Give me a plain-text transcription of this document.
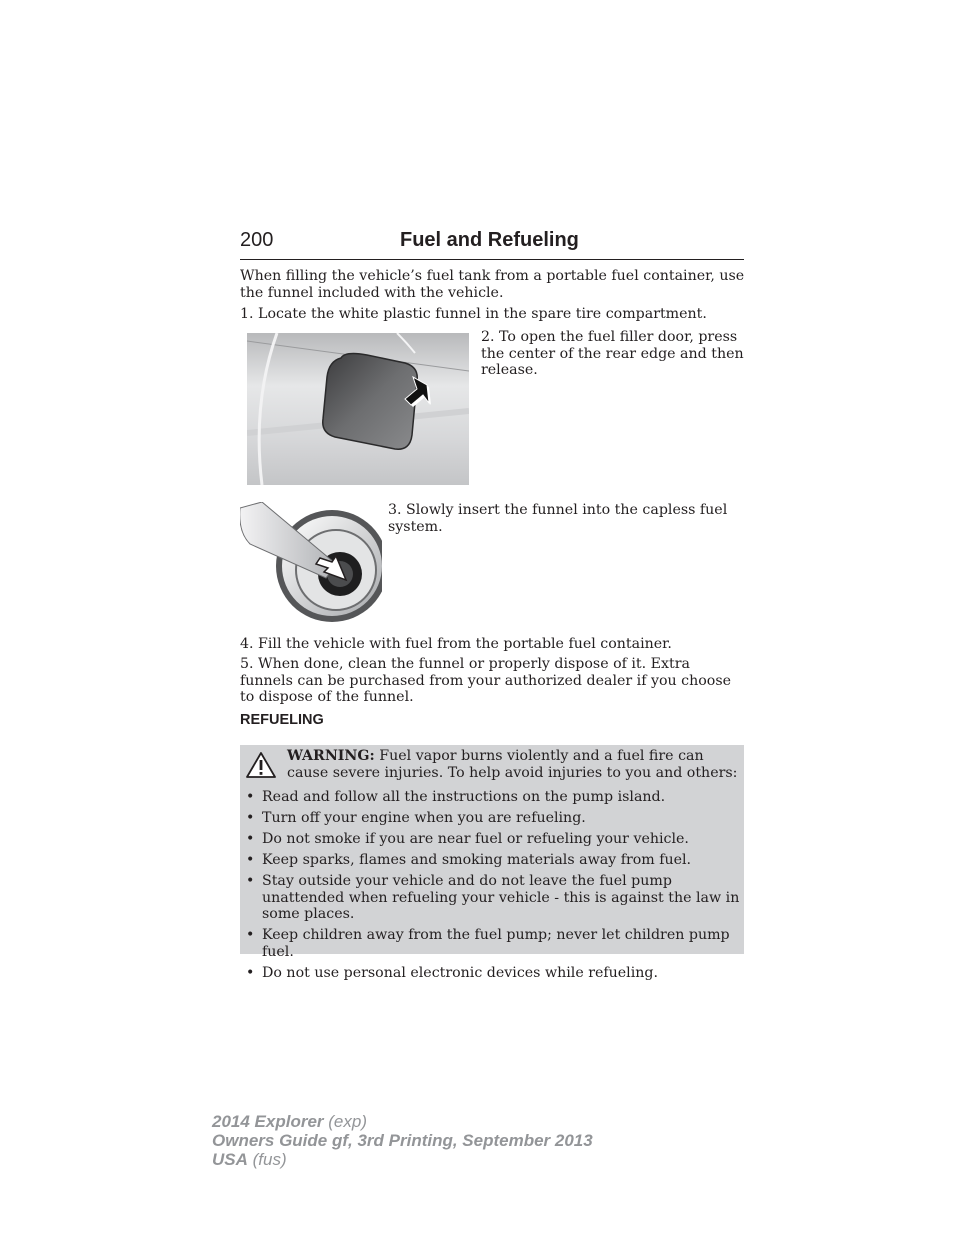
200	Fuel and Refueling

When filling the vehicle’s fuel tank from a portable fuel container, use the funnel included with the vehicle.

1. Locate the white plastic funnel in the spare tire compartment.

2. To open the fuel filler door, press the center of the rear edge and then release.

3. Slowly insert the funnel into the capless fuel system.

4. Fill the vehicle with fuel from the portable fuel container.

5. When done, clean the funnel or properly dispose of it. Extra funnels can be purchased from your authorized dealer if you choose to dispose of the funnel.

REFUELING

WARNING: Fuel vapor burns violently and a fuel fire can cause severe injuries. To help avoid injuries to you and others:

• Read and follow all the instructions on the pump island.
• Turn off your engine when you are refueling.
• Do not smoke if you are near fuel or refueling your vehicle.
• Keep sparks, flames and smoking materials away from fuel.
• Stay outside your vehicle and do not leave the fuel pump unattended when refueling your vehicle - this is against the law in some places.
• Keep children away from the fuel pump; never let children pump fuel.
• Do not use personal electronic devices while refueling.
2014 Explorer (exp)
Owners Guide gf, 3rd Printing, September 2013
USA (fus)
